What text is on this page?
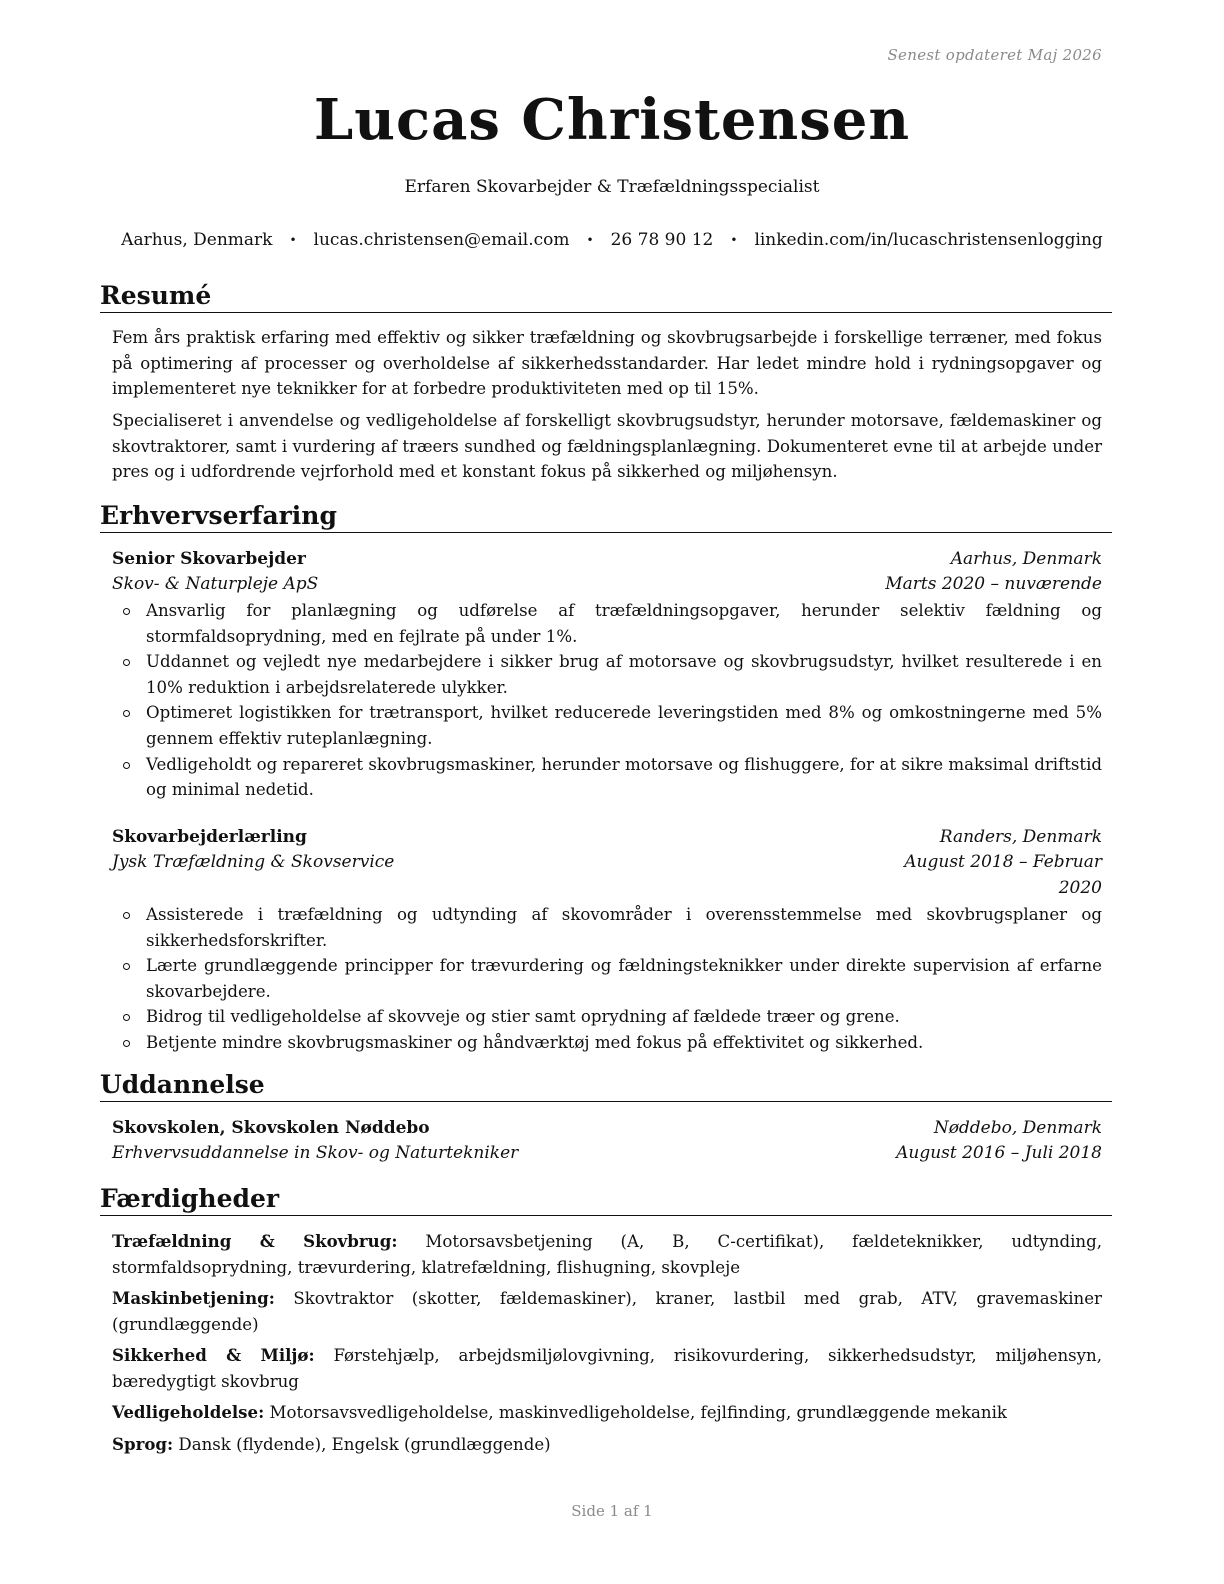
Senest opdateret Maj 2026
Lucas Christensen
Erfaren Skovarbejder & Træfældningsspecialist
Aarhus, Denmark • lucas.christensen@email.com • 26 78 90 12 • linkedin.com/in/lucaschristensenlogging
Resumé

Fem års praktisk erfaring med effektiv og sikker træfældning og skovbrugsarbejde i forskellige terræner, med fokus på optimering af processer og overholdelse af sikkerhedsstandarder. Har ledet mindre hold i rydningsopgaver og implementeret nye teknikker for at forbedre produktiviteten med op til 15%.

Specialiseret i anvendelse og vedligeholdelse af forskelligt skovbrugsudstyr, herunder motorsave, fældemaskiner og skovtraktorer, samt i vurdering af træers sundhed og fældningsplanlægning. Dokumenteret evne til at arbejde under pres og i udfordrende vejrforhold med et konstant fokus på sikkerhed og miljøhensyn.

Erhvervserfaring
Senior Skovarbejder	Aarhus, Denmark
Skov- & Naturpleje ApS	Marts 2020 – nuværende
Ansvarlig for planlægning og udførelse af træfældningsopgaver, herunder selektiv fældning og stormfaldsoprydning, med en fejlrate på under 1%.
Uddannet og vejledt nye medarbejdere i sikker brug af motorsave og skovbrugsudstyr, hvilket resulterede i en 10% reduktion i arbejdsrelaterede ulykker.
Optimeret logistikken for trætransport, hvilket reducerede leveringstiden med 8% og omkostningerne med 5% gennem effektiv ruteplanlægning.
Vedligeholdt og repareret skovbrugsmaskiner, herunder motorsave og flishuggere, for at sikre maksimal driftstid og minimal nedetid.
Skovarbejderlærling	Randers, Denmark
Jysk Træfældning & Skovservice	August 2018 – Februar
2020
Assisterede i træfældning og udtynding af skovområder i overensstemmelse med skovbrugsplaner og sikkerhedsforskrifter.
Lærte grundlæggende principper for trævurdering og fældningsteknikker under direkte supervision af erfarne skovarbejdere.
Bidrog til vedligeholdelse af skovveje og stier samt oprydning af fældede træer og grene.
Betjente mindre skovbrugsmaskiner og håndværktøj med fokus på effektivitet og sikkerhed.
Uddannelse
Skovskolen, Skovskolen Nøddebo	Nøddebo, Denmark
Erhvervsuddannelse in Skov- og Naturtekniker	August 2016 – Juli 2018
Færdigheder

Træfældning & Skovbrug: Motorsavsbetjening (A, B, C-certifikat), fældeteknikker, udtynding, stormfaldsoprydning, trævurdering, klatrefældning, flishugning, skovpleje

Maskinbetjening: Skovtraktor (skotter, fældemaskiner), kraner, lastbil med grab, ATV, gravemaskiner (grundlæggende)

Sikkerhed & Miljø: Førstehjælp, arbejdsmiljølovgivning, risikovurdering, sikkerhedsudstyr, miljøhensyn, bæredygtigt skovbrug

Vedligeholdelse: Motorsavsvedligeholdelse, maskinvedligeholdelse, fejlfinding, grundlæggende mekanik

Sprog: Dansk (flydende), Engelsk (grundlæggende)

Side 1 af 1
